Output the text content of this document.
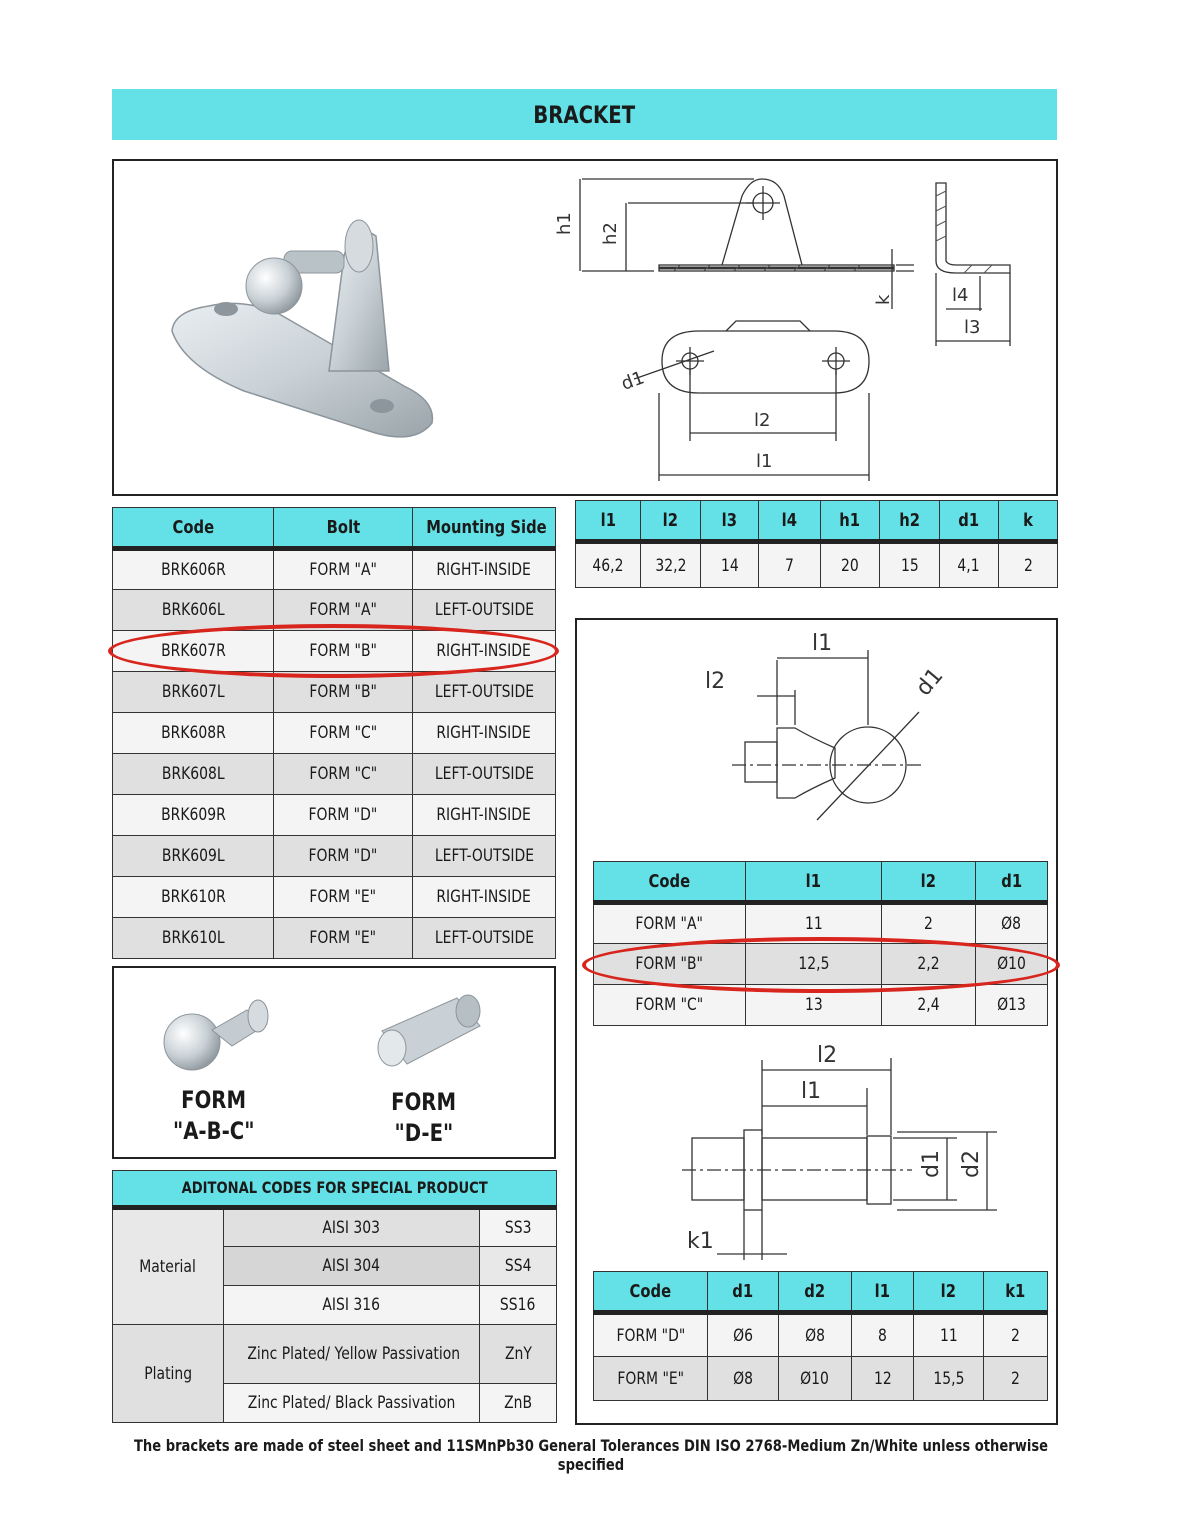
BRACKET
h1 h2
k	l4
l3
l2
l1
d1
Code	Bolt	Mounting Side
BRK606R	FORM "A"	RIGHT-INSIDE
BRK606L	FORM "A"	LEFT-OUTSIDE
BRK607R	FORM "B"	RIGHT-INSIDE
BRK607L	FORM "B"	LEFT-OUTSIDE
BRK608R	FORM "C"	RIGHT-INSIDE
BRK608L	FORM "C"	LEFT-OUTSIDE
BRK609R	FORM "D"	RIGHT-INSIDE
BRK609L	FORM "D"	LEFT-OUTSIDE
BRK610R	FORM "E"	RIGHT-INSIDE
BRK610L	FORM "E"	LEFT-OUTSIDE
l1	l2	l3	l4	h1	h2	d1	k
46,2	32,2	14	7	20	15	4,1	2
FORM
"A-B-C"
FORM
"D-E"
ADITONAL CODES FOR SPECIAL PRODUCT		
Material	AISI 303	SS3
	AISI 304	SS4
	AISI 316	SS16
Plating	Zinc Plated/ Yellow Passivation	ZnY
	Zinc Plated/ Black Passivation	ZnB
l1
l2	d1
l2
l1
d1 d2
k1
Code	l1	l2	d1
FORM "A"	11	2	Ø8
FORM "B"	12,5	2,2	Ø10
FORM "C"	13	2,4	Ø13
Code	d1	d2	l1	l2	k1
FORM "D"	Ø6	Ø8	8	11	2
FORM "E"	Ø8	Ø10	12	15,5	2
The brackets are made of steel sheet and 11SMnPb30 General Tolerances DIN ISO 2768-Medium Zn/White unless otherwise specified
